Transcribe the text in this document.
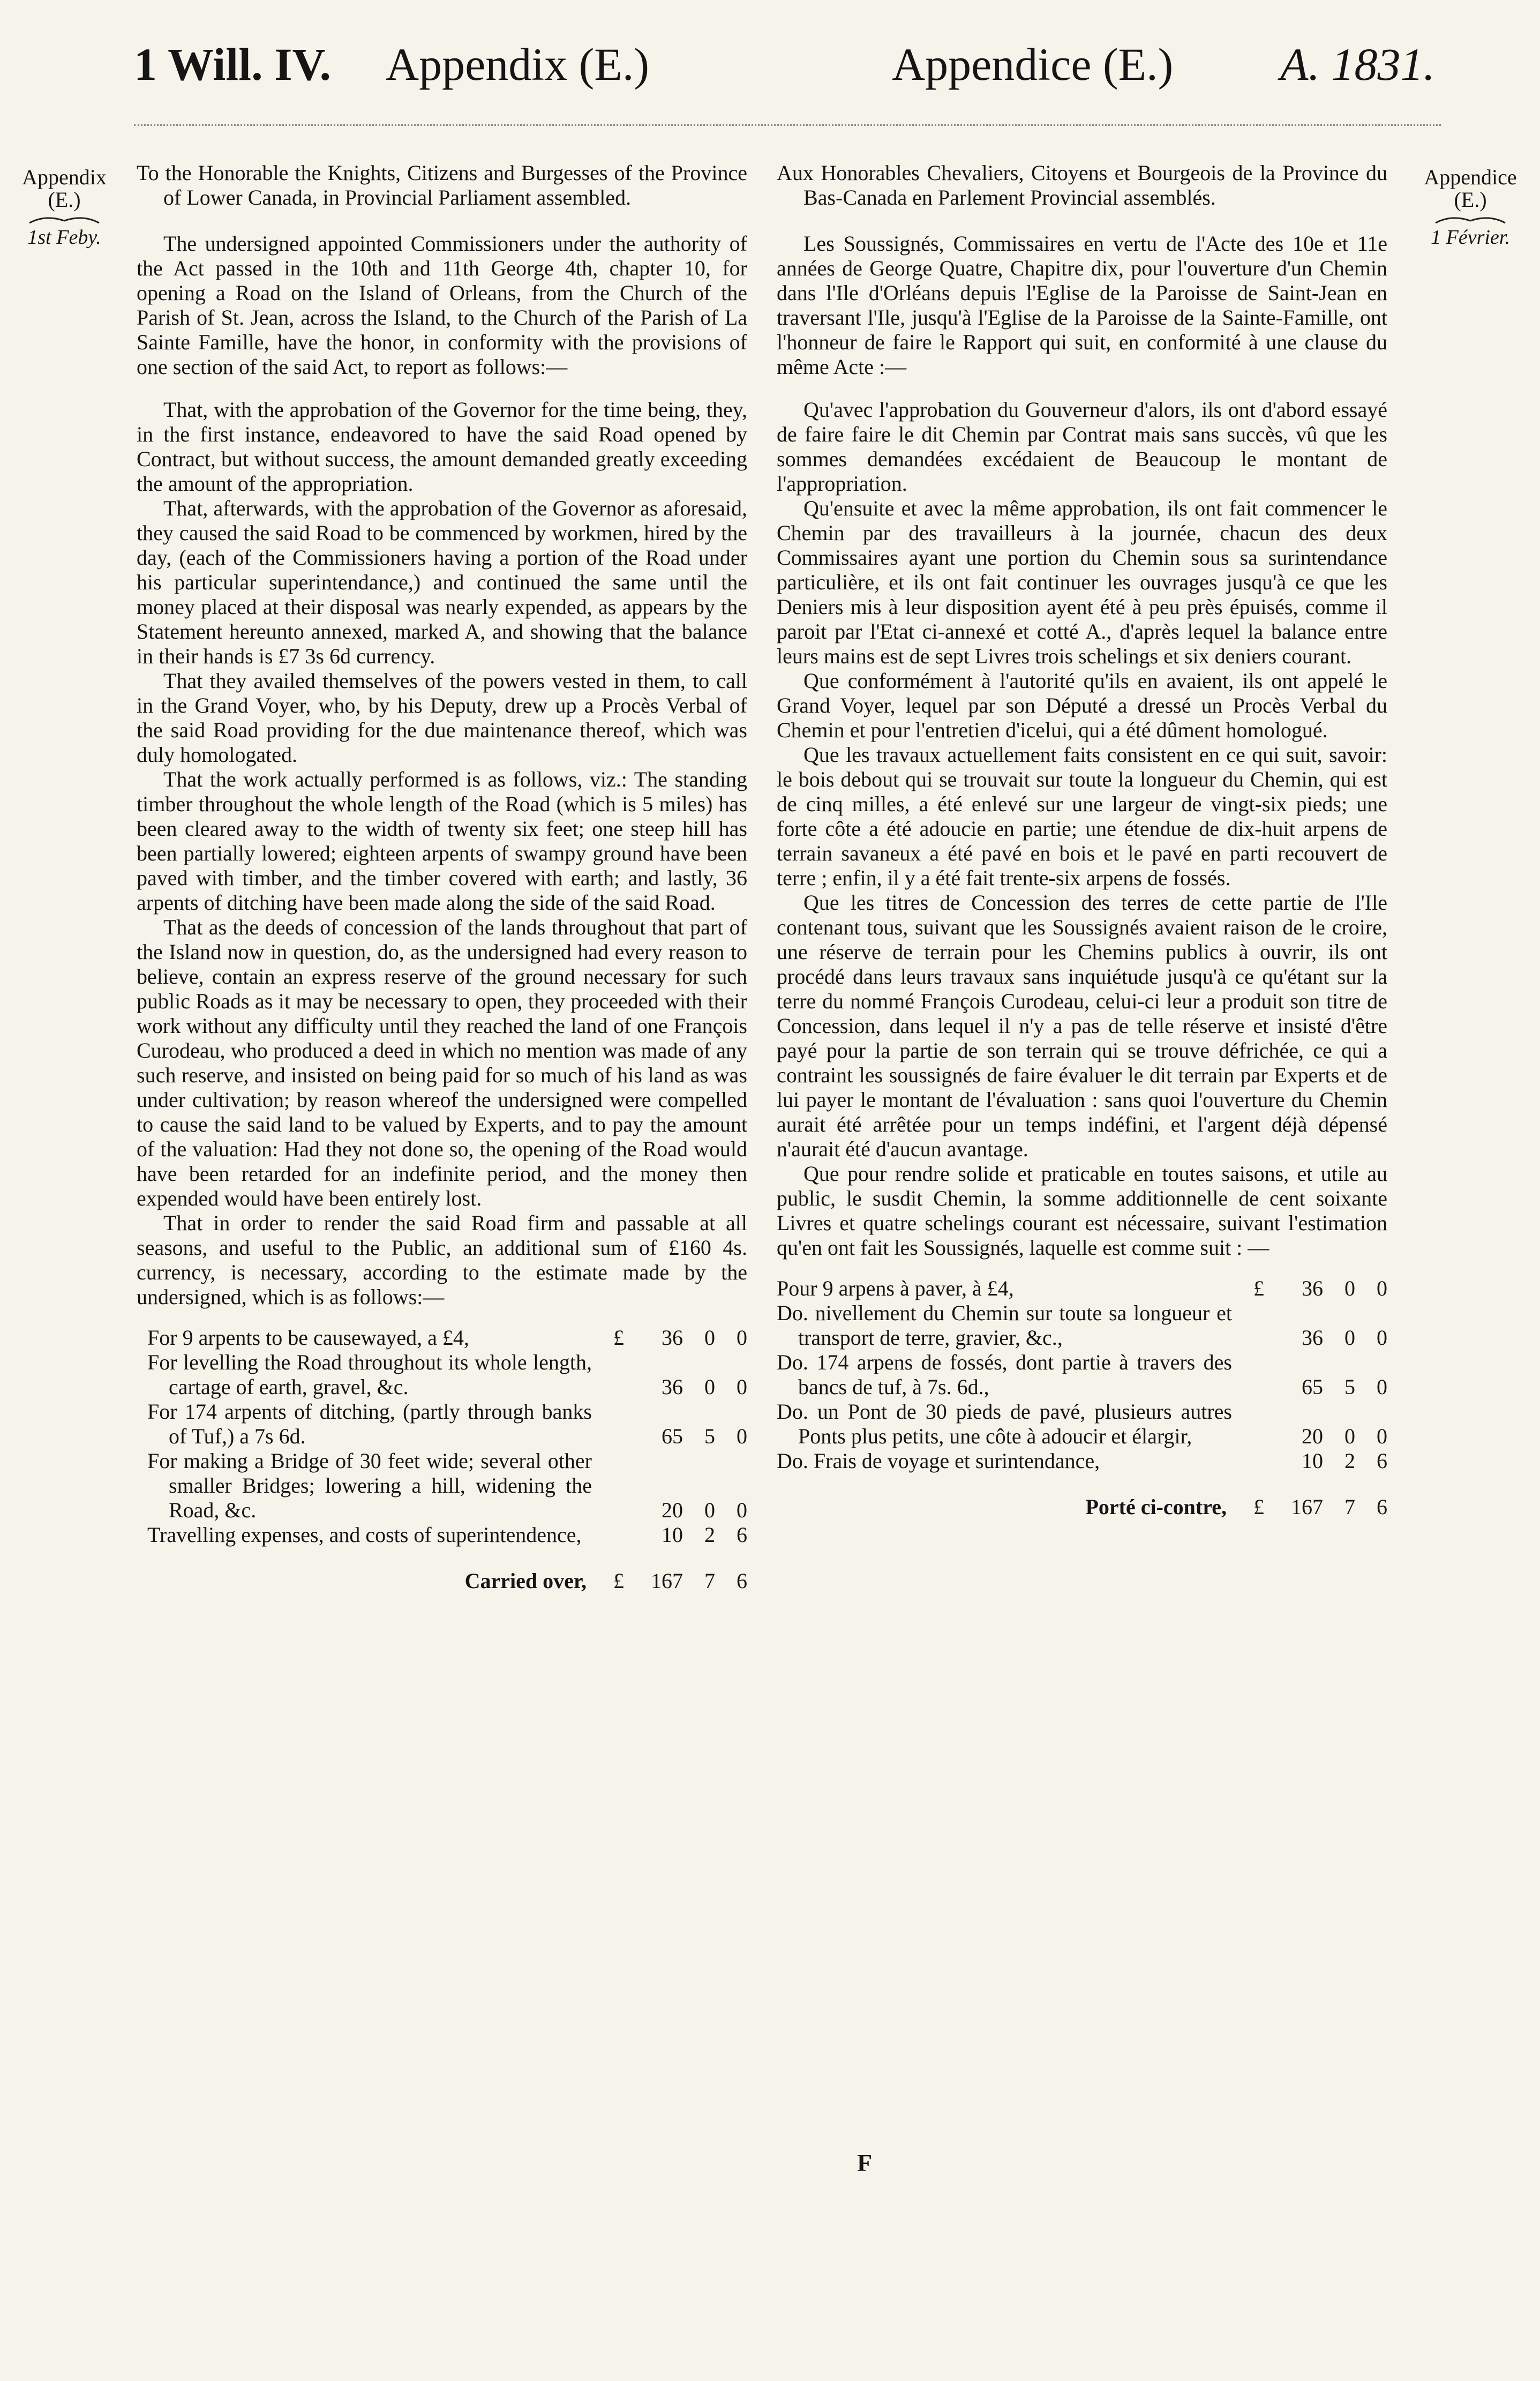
1 Will. IV. Appendix (E.)	Appendice (E.) A. 1831.
Appendix
(E.)
1st Feby.
Appendice
(E.)
1 Février.

To the Honorable the Knights, Citizens and Burgesses of the Province of Lower Canada, in Provincial Parliament assembled.

The undersigned appointed Commissioners under the authority of the Act passed in the 10th and 11th George 4th, chapter 10, for opening a Road on the Island of Orleans, from the Church of the Parish of St. Jean, across the Island, to the Church of the Parish of La Sainte Famille, have the honor, in conformity with the provisions of one section of the said Act, to report as follows:—

That, with the approbation of the Governor for the time being, they, in the first instance, endeavored to have the said Road opened by Contract, but without success, the amount demanded greatly exceeding the amount of the appropriation.

That, afterwards, with the approbation of the Governor as aforesaid, they caused the said Road to be commenced by workmen, hired by the day, (each of the Commissioners having a portion of the Road under his particular superintendance,) and continued the same until the money placed at their disposal was nearly expended, as appears by the Statement hereunto annexed, marked A, and showing that the balance in their hands is £7 3s 6d currency.

That they availed themselves of the powers vested in them, to call in the Grand Voyer, who, by his Deputy, drew up a Procès Verbal of the said Road providing for the due maintenance thereof, which was duly homologated.

That the work actually performed is as follows, viz.: The standing timber throughout the whole length of the Road (which is 5 miles) has been cleared away to the width of twenty six feet; one steep hill has been partially lowered; eighteen arpents of swampy ground have been paved with timber, and the timber covered with earth; and lastly, 36 arpents of ditching have been made along the side of the said Road.

That as the deeds of concession of the lands throughout that part of the Island now in question, do, as the undersigned had every reason to believe, contain an express reserve of the ground necessary for such public Roads as it may be necessary to open, they proceeded with their work without any difficulty until they reached the land of one François Curodeau, who produced a deed in which no mention was made of any such reserve, and insisted on being paid for so much of his land as was under cultivation; by reason whereof the undersigned were compelled to cause the said land to be valued by Experts, and to pay the amount of the valuation: Had they not done so, the opening of the Road would have been retarded for an indefinite period, and the money then expended would have been entirely lost.

That in order to render the said Road firm and passable at all seasons, and useful to the Public, an additional sum of £160 4s. currency, is necessary, according to the estimate made by the undersigned, which is as follows:—

For 9 arpents to be causewayed, a £4,	£	36	0	0
For levelling the Road throughout its whole length, cartage of earth, gravel, &c.	36	0	0
For 174 arpents of ditching, (partly through banks of Tuf,) a 7s 6d.	65	5	0
For making a Bridge of 30 feet wide; several other smaller Bridges; lowering a hill, widening the Road, &c.	20	0	0
Travelling expenses, and costs of superintendence,	10	2	6
Carried over,	£	167	7	6

Aux Honorables Chevaliers, Citoyens et Bourgeois de la Province du Bas-Canada en Parlement Provincial assemblés.

Les Soussignés, Commissaires en vertu de l'Acte des 10e et 11e années de George Quatre, Chapitre dix, pour l'ouverture d'un Chemin dans l'Ile d'Orléans depuis l'Eglise de la Paroisse de Saint-Jean en traversant l'Ile, jusqu'à l'Eglise de la Paroisse de la Sainte-Famille, ont l'honneur de faire le Rapport qui suit, en conformité à une clause du même Acte :—

Qu'avec l'approbation du Gouverneur d'alors, ils ont d'abord essayé de faire faire le dit Chemin par Contrat mais sans succès, vû que les sommes demandées excédaient de Beaucoup le montant de l'appropriation.

Qu'ensuite et avec la même approbation, ils ont fait commencer le Chemin par des travailleurs à la journée, chacun des deux Commissaires ayant une portion du Chemin sous sa surintendance particulière, et ils ont fait continuer les ouvrages jusqu'à ce que les Deniers mis à leur disposition ayent été à peu près épuisés, comme il paroit par l'Etat ci-annexé et cotté A., d'après lequel la balance entre leurs mains est de sept Livres trois schelings et six deniers courant.

Que conformément à l'autorité qu'ils en avaient, ils ont appelé le Grand Voyer, lequel par son Député a dressé un Procès Verbal du Chemin et pour l'entretien d'icelui, qui a été dûment homologué.

Que les travaux actuellement faits consistent en ce qui suit, savoir: le bois debout qui se trouvait sur toute la longueur du Chemin, qui est de cinq milles, a été enlevé sur une largeur de vingt-six pieds; une forte côte a été adoucie en partie; une étendue de dix-huit arpens de terrain savaneux a été pavé en bois et le pavé en parti recouvert de terre ; enfin, il y a été fait trente-six arpens de fossés.

Que les titres de Concession des terres de cette partie de l'Ile contenant tous, suivant que les Soussignés avaient raison de le croire, une réserve de terrain pour les Chemins publics à ouvrir, ils ont procédé dans leurs travaux sans inquiétude jusqu'à ce qu'étant sur la terre du nommé François Curodeau, celui-ci leur a produit son titre de Concession, dans lequel il n'y a pas de telle réserve et insisté d'être payé pour la partie de son terrain qui se trouve défrichée, ce qui a contraint les soussignés de faire évaluer le dit terrain par Experts et de lui payer le montant de l'évaluation : sans quoi l'ouverture du Chemin aurait été arrêtée pour un temps indéfini, et l'argent déjà dépensé n'aurait été d'aucun avantage.

Que pour rendre solide et praticable en toutes saisons, et utile au public, le susdit Chemin, la somme additionnelle de cent soixante Livres et quatre schelings courant est nécessaire, suivant l'estimation qu'en ont fait les Soussignés, laquelle est comme suit : —

Pour 9 arpens à paver, à £4,	£	36	0	0
Do. nivellement du Chemin sur toute sa longueur et transport de terre, gravier, &c.,	36	0	0
Do. 174 arpens de fossés, dont partie à travers des bancs de tuf, à 7s. 6d.,	65	5	0
Do. un Pont de 30 pieds de pavé, plusieurs autres Ponts plus petits, une côte à adoucir et élargir,	20	0	0
Do. Frais de voyage et surintendance,	10	2	6
Porté ci-contre,	£	167	7	6
F
